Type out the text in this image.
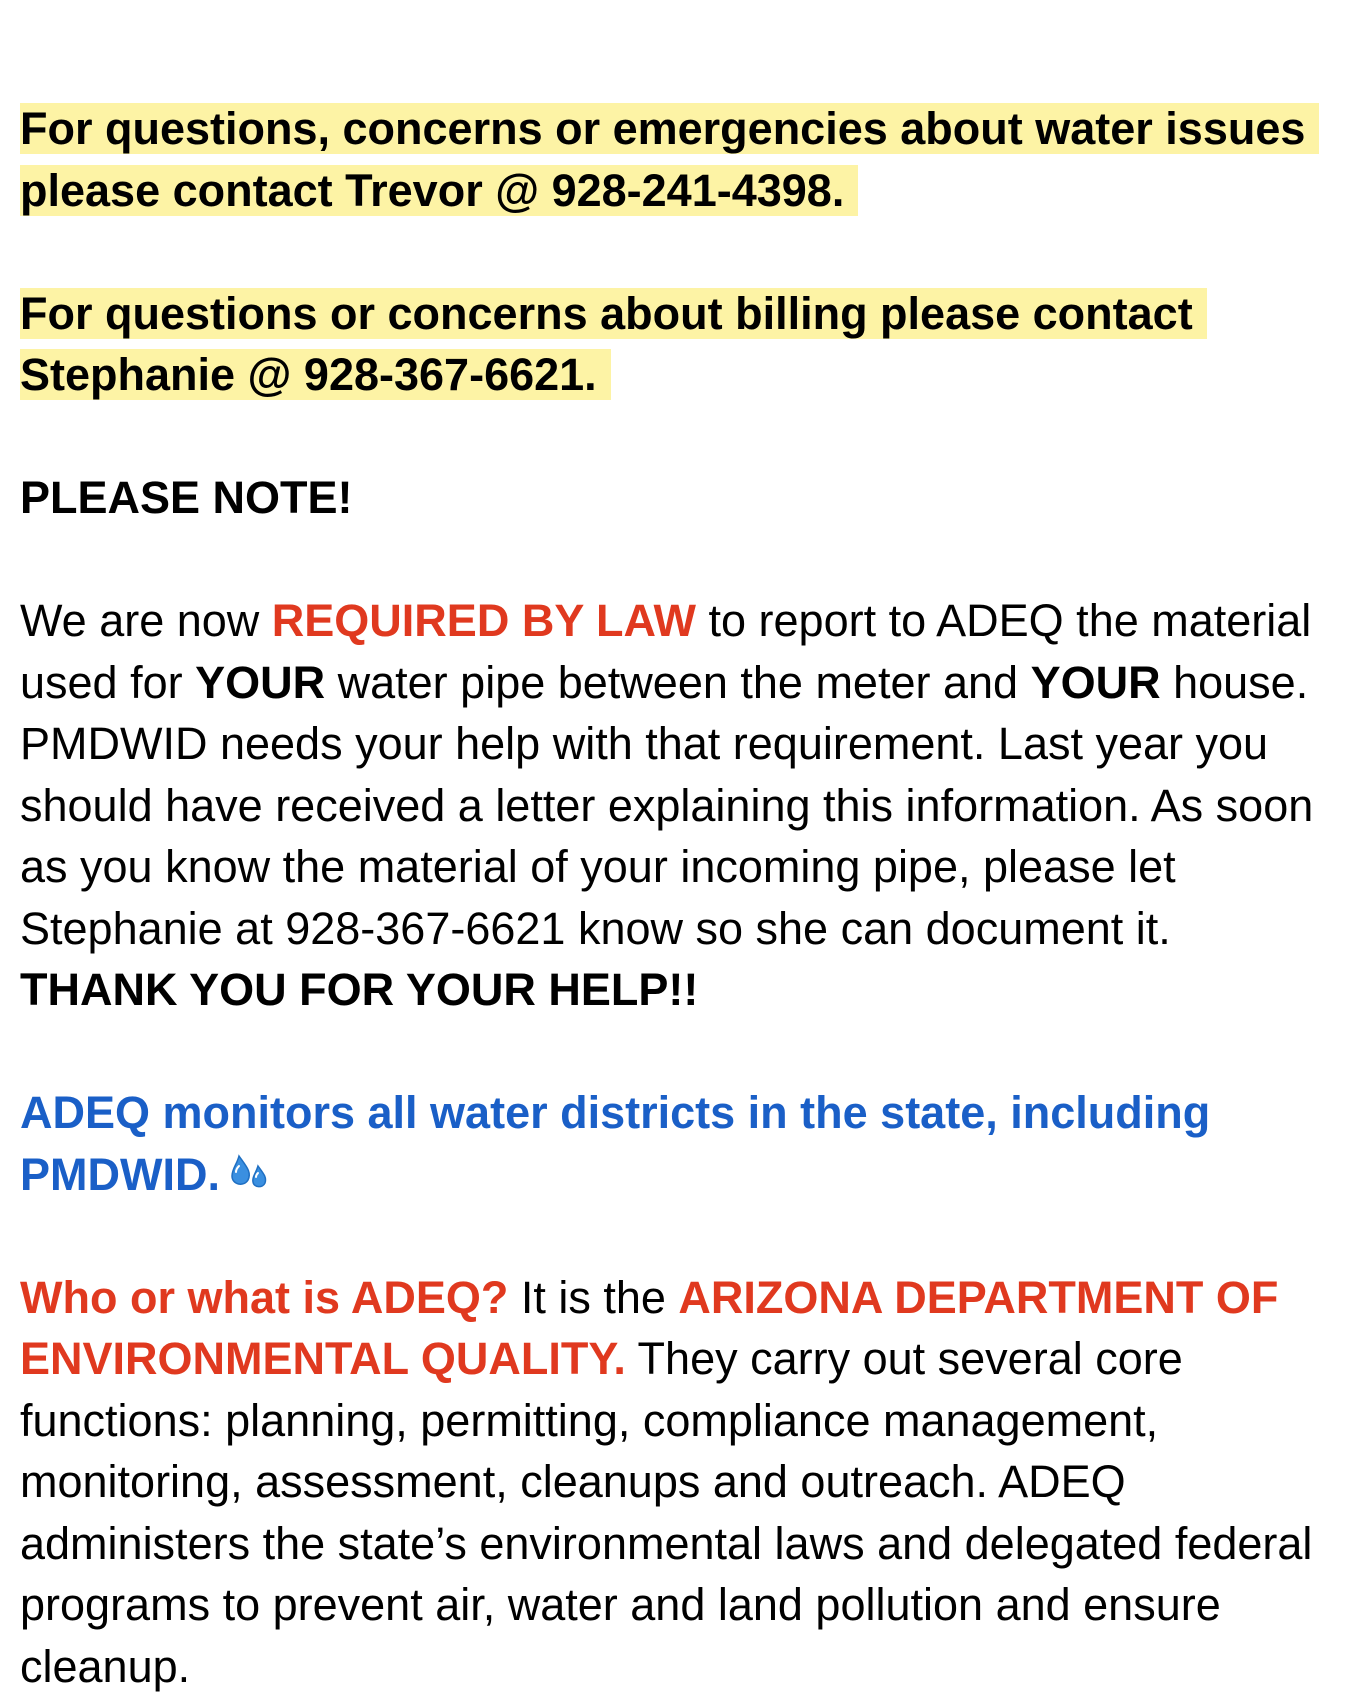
For questions, concerns or emergencies about water issues
please contact Trevor @ 928-241-4398.

For questions or concerns about billing please contact
Stephanie @ 928-367-6621.

PLEASE NOTE!

We are now REQUIRED BY LAW to report to ADEQ the material used for YOUR water pipe between the meter and YOUR house. PMDWID needs your help with that requirement. Last year you should have received a letter explaining this information. As soon as you know the material of your incoming pipe, please let Stephanie at 928-367-6621 know so she can document it.
THANK YOU FOR YOUR HELP!!

ADEQ monitors all water districts in the state, including PMDWID.

Who or what is ADEQ? It is the ARIZONA DEPARTMENT OF ENVIRONMENTAL QUALITY. They carry out several core functions: planning, permitting, compliance management, monitoring, assessment, cleanups and outreach. ADEQ administers the state’s environmental laws and delegated federal programs to prevent air, water and land pollution and ensure cleanup.
